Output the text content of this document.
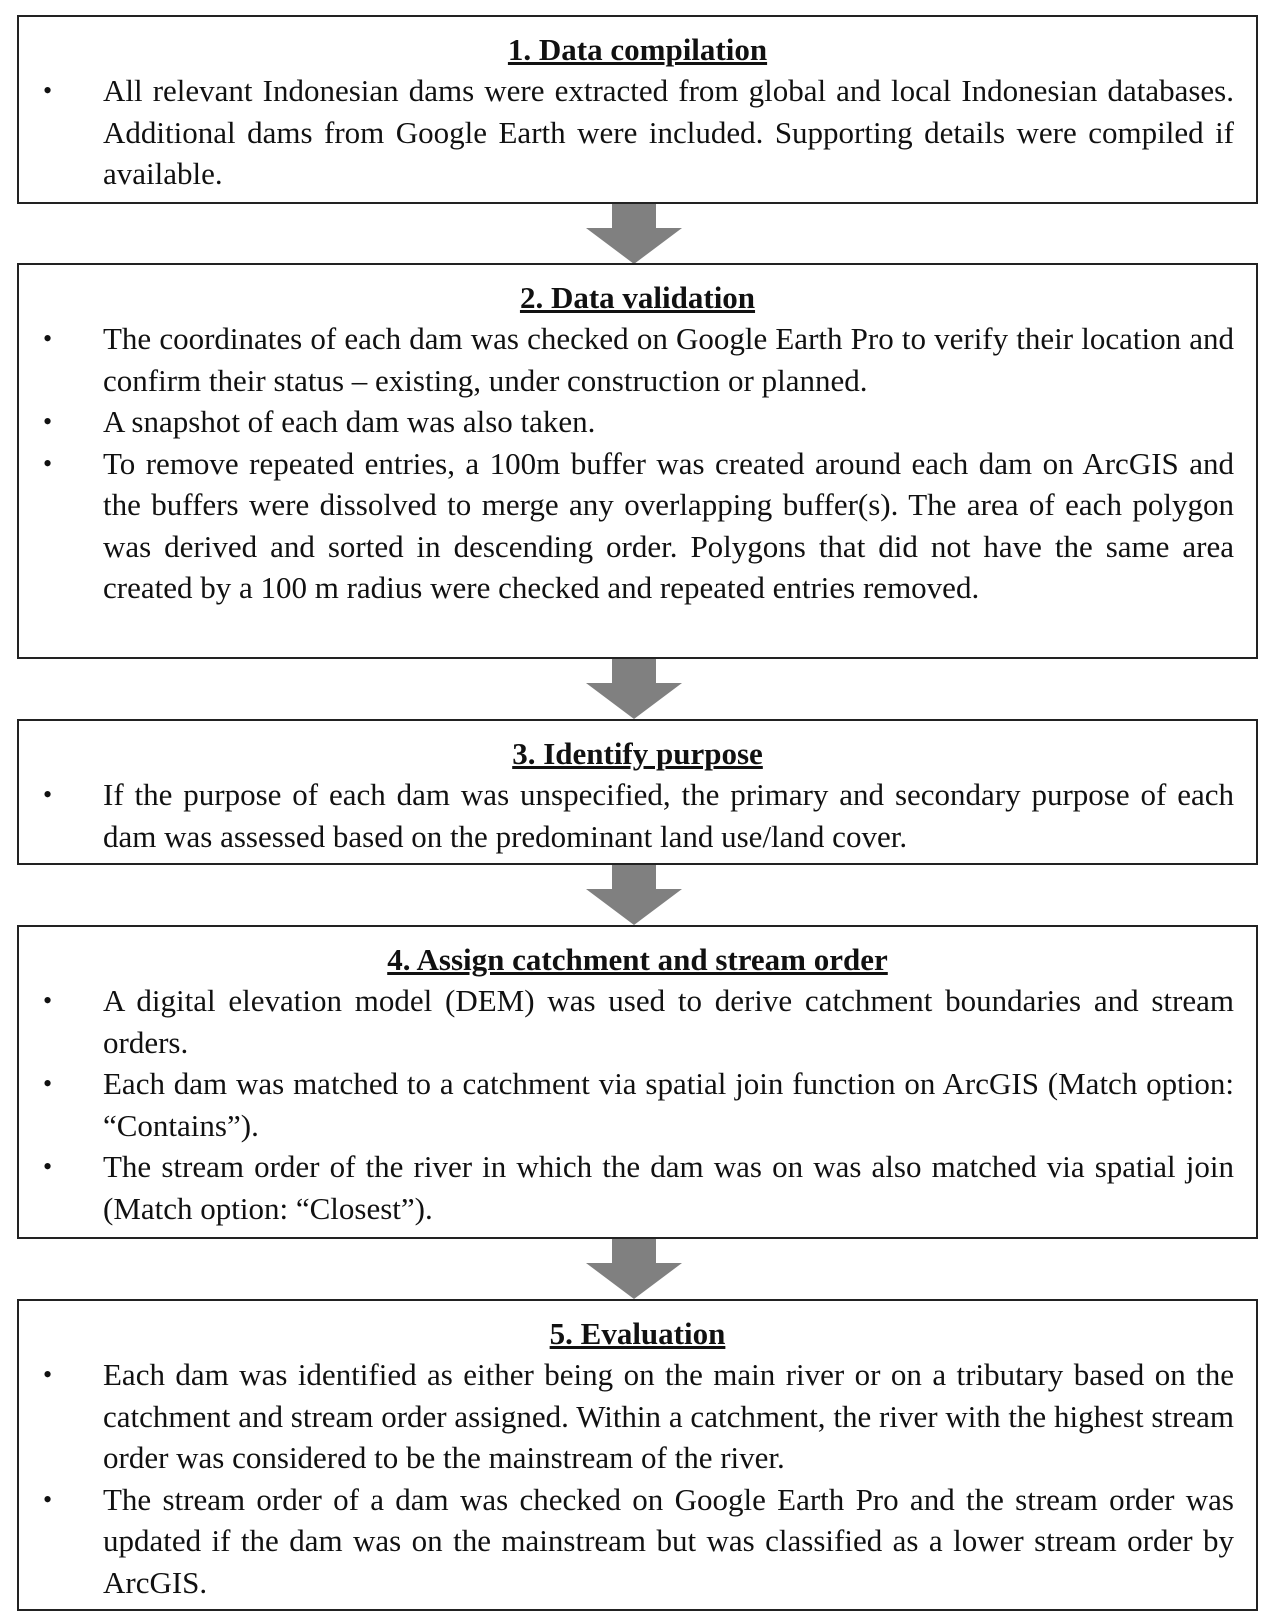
1. Data compilation
• All relevant Indonesian dams were extracted from global and local Indonesian databases. Additional dams from Google Earth were included. Supporting details were compiled if available.
2. Data validation
• The coordinates of each dam was checked on Google Earth Pro to verify their location and confirm their status – existing, under construction or planned.
• A snapshot of each dam was also taken.
• To remove repeated entries, a 100m buffer was created around each dam on ArcGIS and the buffers were dissolved to merge any overlapping buffer(s). The area of each polygon was derived and sorted in descending order. Polygons that did not have the same area created by a 100 m radius were checked and repeated entries removed.
3. Identify purpose
• If the purpose of each dam was unspecified, the primary and secondary purpose of each dam was assessed based on the predominant land use/land cover.
4. Assign catchment and stream order
• A digital elevation model (DEM) was used to derive catchment boundaries and stream orders.
• Each dam was matched to a catchment via spatial join function on ArcGIS (Match option: “Contains”).
• The stream order of the river in which the dam was on was also matched via spatial join (Match option: “Closest”).
5. Evaluation
• Each dam was identified as either being on the main river or on a tributary based on the catchment and stream order assigned. Within a catchment, the river with the highest stream order was considered to be the mainstream of the river.
• The stream order of a dam was checked on Google Earth Pro and the stream order was updated if the dam was on the mainstream but was classified as a lower stream order by ArcGIS.
